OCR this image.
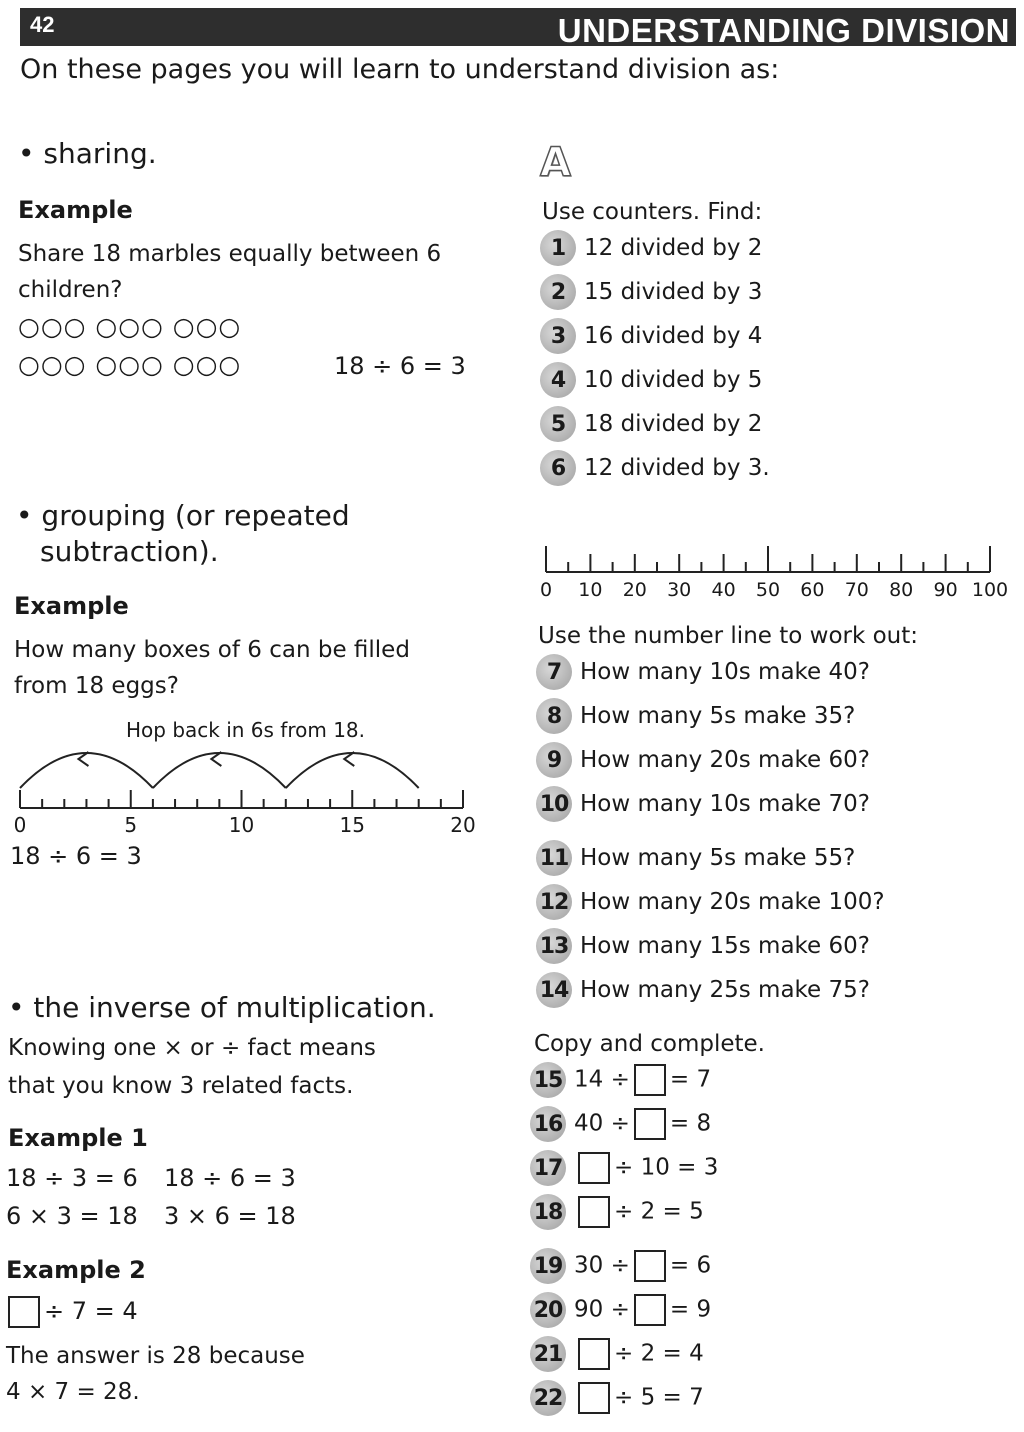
42	UNDERSTANDING DIVISION
On these pages you will learn to understand division as:
• sharing.
Example
Share 18 marbles equally between 6
children?
○○○ ○○○ ○○○
○○○ ○○○ ○○○	18 ÷ 6 = 3
• grouping (or repeated
subtraction).
Example
How many boxes of 6 can be filled
from 18 eggs?
Hop back in 6s from 18.
0	5	10	15	20
18 ÷ 6 = 3
• the inverse of multiplication.
Knowing one × or ÷ fact means
that you know 3 related facts.
Example 1
18 ÷ 3 = 6 18 ÷ 6 = 3
6 × 3 = 18 3 × 6 = 18
Example 2
÷ 7 = 4
The answer is 28 because
4 × 7 = 28.
A
Use counters. Find:
1 12 divided by 2
2 15 divided by 3
3 16 divided by 4
4 10 divided by 5
5 18 divided by 2
6 12 divided by 3.
0 10 20 30 40 50 60 70 80 90 100
Use the number line to work out:
7 How many 10s make 40?
8 How many 5s make 35?
9 How many 20s make 60?
10 How many 10s make 70?
11 How many 5s make 55?
12 How many 20s make 100?
13 How many 15s make 60?
14 How many 25s make 75?
Copy and complete.
15 14 ÷ = 7
16 40 ÷ = 8
17	÷ 10 = 3
18	÷ 2 = 5
19 30 ÷ = 6
20 90 ÷ = 9
21	÷ 2 = 4
22	÷ 5 = 7
